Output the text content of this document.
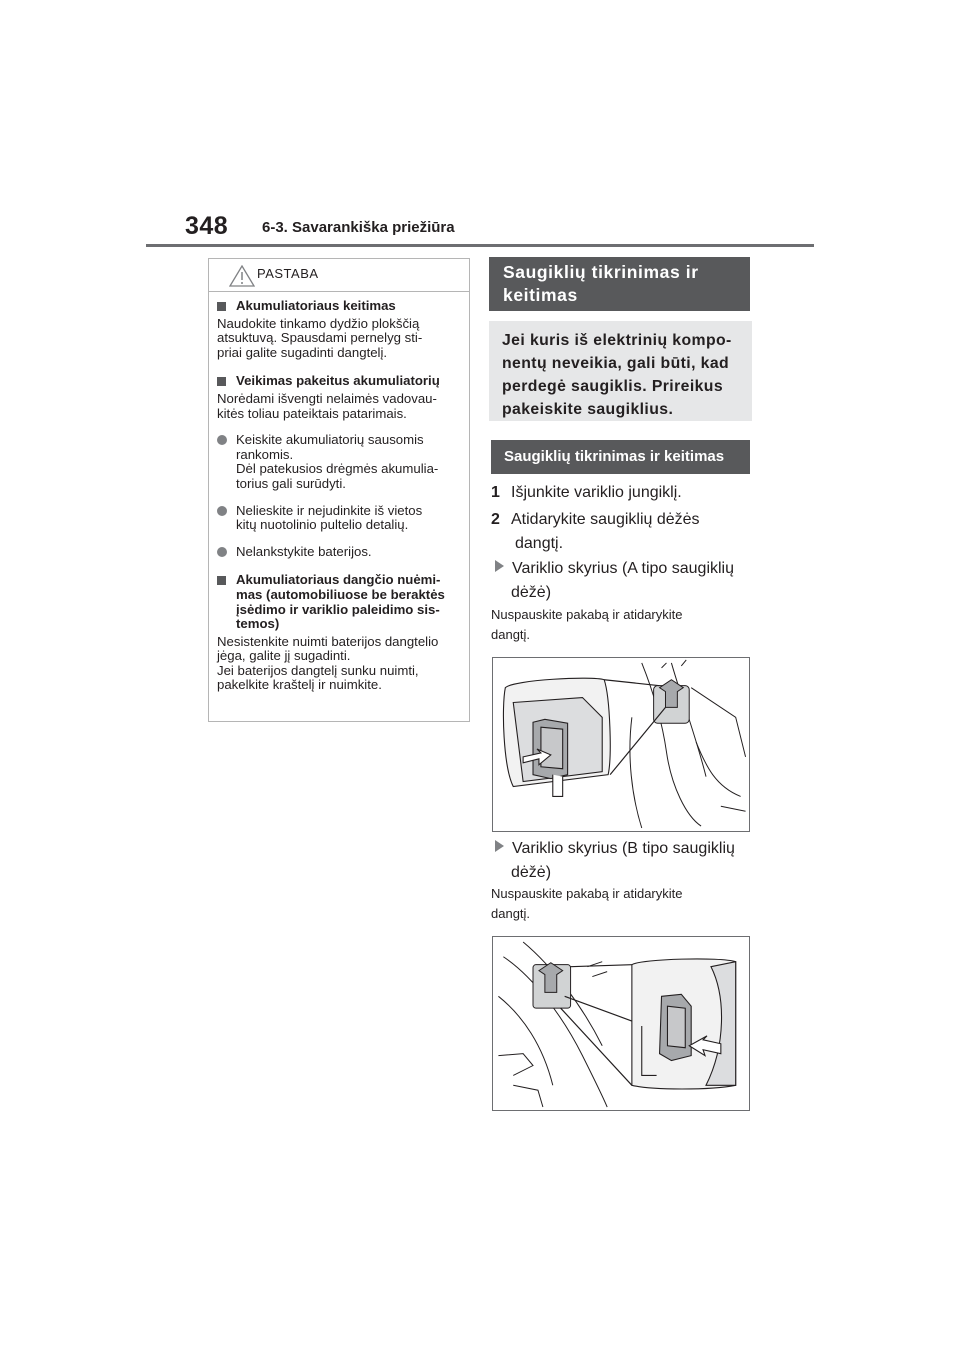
348 6-3. Savarankiška priežiūra
PASTABA
Akumuliatoriaus keitimas
Naudokite tinkamo dydžio plokščią
atsuktuvą. Spausdami pernelyg sti-
priai galite sugadinti dangtelį.
Veikimas pakeitus akumuliatorių
Norėdami išvengti nelaimės vadovau-
kitės toliau pateiktais patarimais.
Keiskite akumuliatorių sausomis
rankomis.
Dėl patekusios drėgmės akumulia-
torius gali surūdyti.
Nelieskite ir nejudinkite iš vietos
kitų nuotolinio pultelio detalių.
Nelankstykite baterijos.
Akumuliatoriaus dangčio nuėmi-
mas (automobiliuose be beraktės
įsėdimo ir variklio paleidimo sis-
temos)
Nesistenkite nuimti baterijos dangtelio
jėga, galite jį sugadinti.
Jei baterijos dangtelį sunku nuimti,
pakelkite kraštelį ir nuimkite.
Saugiklių tikrinimas ir
keitimas
Jei kuris iš elektrinių kompo-
nentų neveikia, gali būti, kad
perdegė saugiklis. Prireikus
pakeiskite saugiklius.
Saugiklių tikrinimas ir keitimas
1 Išjunkite variklio jungiklį.
2 Atidarykite saugiklių dėžės
dangtį.
Variklio skyrius (A tipo saugiklių
dėžė)
Nuspauskite pakabą ir atidarykite
dangtį.
Variklio skyrius (B tipo saugiklių
dėžė)
Nuspauskite pakabą ir atidarykite
dangtį.
